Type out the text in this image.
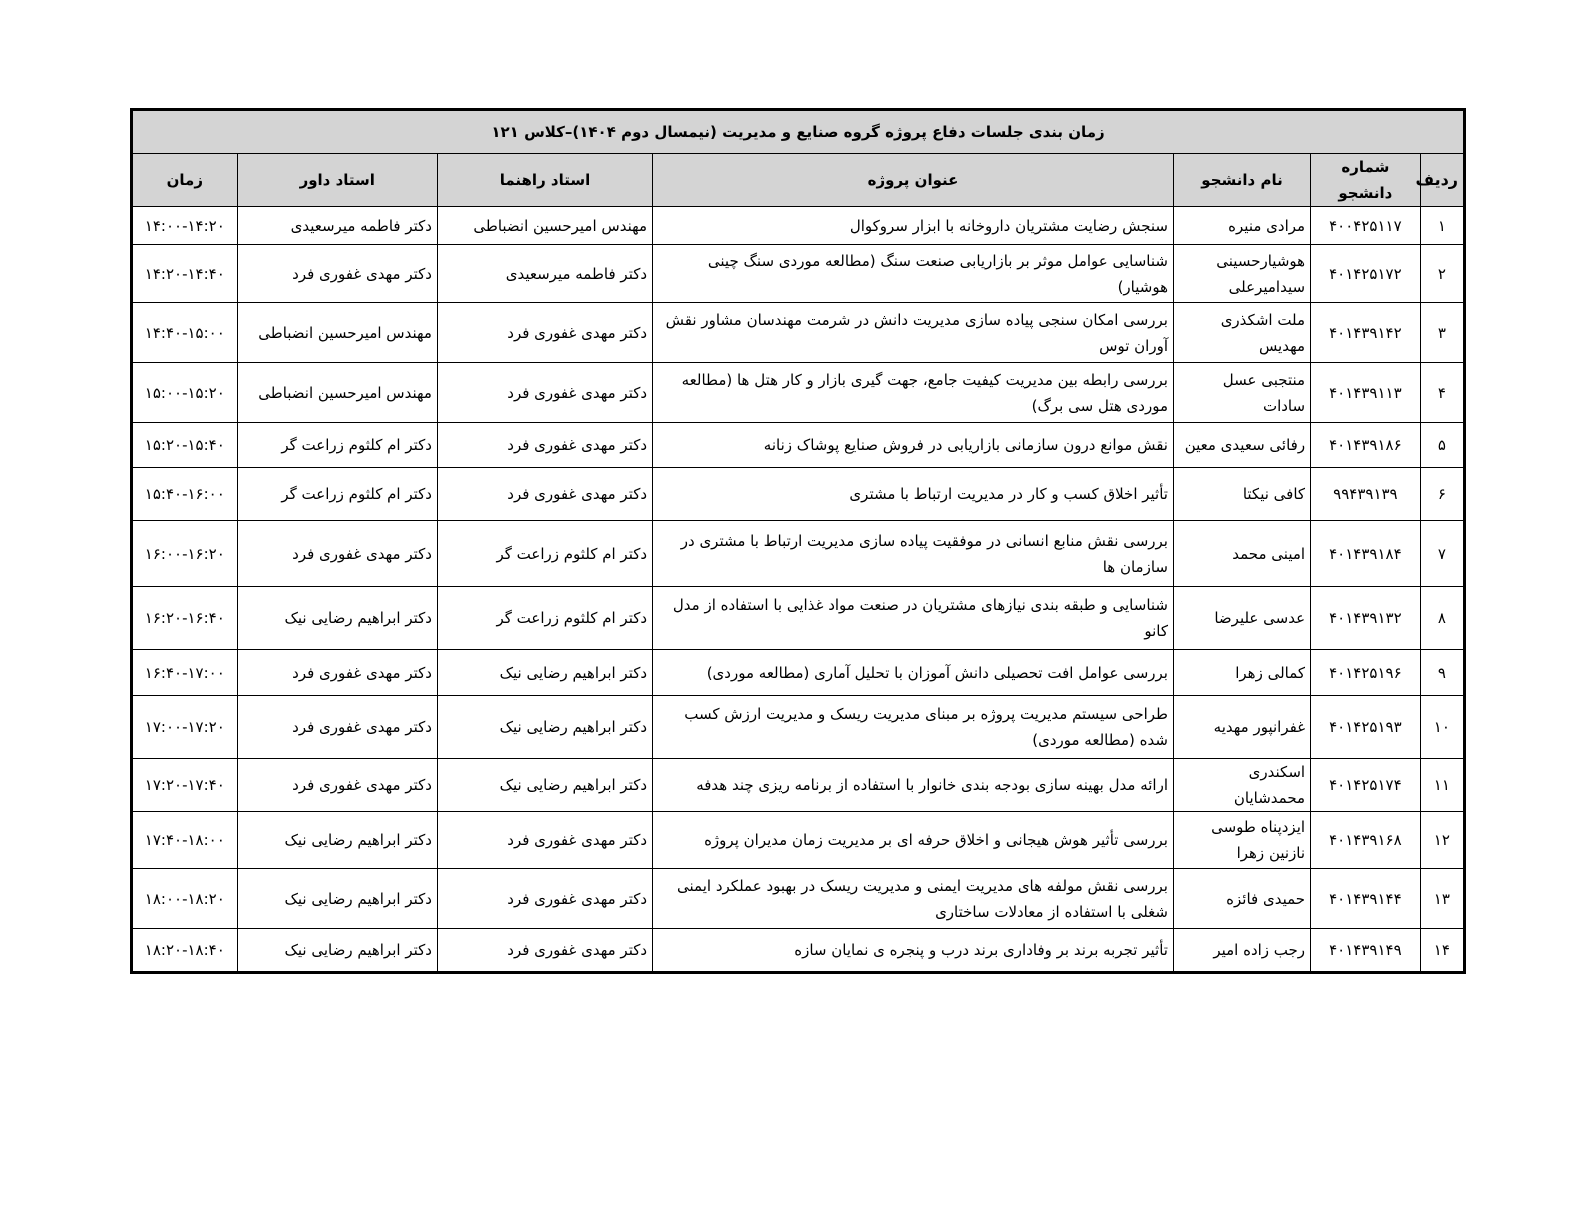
زمان بندی جلسات دفاع پروژه گروه صنایع و مدیریت (نیمسال دوم ۱۴۰۴)–کلاس ۱۲۱						
ردیف	شماره دانشجو	نام دانشجو	عنوان پروژه	استاد راهنما	استاد داور	زمان
۱	۴۰۰۴۲۵۱۱۷	مرادی منیره	سنجش رضایت مشتریان داروخانه با ابزار سروکوال	مهندس امیرحسین انضباطی	دکتر فاطمه میرسعیدی	۱۴:۰۰-۱۴:۲۰
۲	۴۰۱۴۲۵۱۷۲	هوشیارحسینی سیدامیرعلی	شناسایی عوامل موثر بر بازاریابی صنعت سنگ (مطالعه موردی سنگ چینی هوشیار)	دکتر فاطمه میرسعیدی	دکتر مهدی غفوری فرد	۱۴:۲۰-۱۴:۴۰
۳	۴۰۱۴۳۹۱۴۲	ملت اشکذری مهدیس	بررسی امکان سنجی پیاده سازی مدیریت دانش در شرمت مهندسان مشاور نقش آوران توس	دکتر مهدی غفوری فرد	مهندس امیرحسین انضباطی	۱۴:۴۰-۱۵:۰۰
۴	۴۰۱۴۳۹۱۱۳	منتجبی عسل سادات	بررسی رابطه بین مدیریت کیفیت جامع، جهت گیری بازار و کار هتل ها (مطالعه موردی هتل سی برگ)	دکتر مهدی غفوری فرد	مهندس امیرحسین انضباطی	۱۵:۰۰-۱۵:۲۰
۵	۴۰۱۴۳۹۱۸۶	رفائی سعیدی معین	نقش موانع درون سازمانی بازاریابی در فروش صنایع پوشاک زنانه	دکتر مهدی غفوری فرد	دکتر ام کلثوم زراعت گر	۱۵:۲۰-۱۵:۴۰
۶	۹۹۴۳۹۱۳۹	کافی نیکتا	تأثیر اخلاق کسب و کار در مدیریت ارتباط با مشتری	دکتر مهدی غفوری فرد	دکتر ام کلثوم زراعت گر	۱۵:۴۰-۱۶:۰۰
۷	۴۰۱۴۳۹۱۸۴	امینی محمد	بررسی نقش منابع انسانی در موفقیت پیاده سازی مدیریت ارتباط با مشتری در سازمان ها	دکتر ام کلثوم زراعت گر	دکتر مهدی غفوری فرد	۱۶:۰۰-۱۶:۲۰
۸	۴۰۱۴۳۹۱۳۲	عدسی علیرضا	شناسایی و طبقه بندی نیازهای مشتریان در صنعت مواد غذایی با استفاده از مدل کانو	دکتر ام کلثوم زراعت گر	دکتر ابراهیم رضایی نیک	۱۶:۲۰-۱۶:۴۰
۹	۴۰۱۴۲۵۱۹۶	کمالی زهرا	بررسی عوامل افت تحصیلی دانش آموزان با تحلیل آماری (مطالعه موردی)	دکتر ابراهیم رضایی نیک	دکتر مهدی غفوری فرد	۱۶:۴۰-۱۷:۰۰
۱۰	۴۰۱۴۲۵۱۹۳	غفرانپور مهدیه	طراحی سیستم مدیریت پروژه بر مبنای مدیریت ریسک و مدیریت ارزش کسب شده (مطالعه موردی)	دکتر ابراهیم رضایی نیک	دکتر مهدی غفوری فرد	۱۷:۰۰-۱۷:۲۰
۱۱	۴۰۱۴۲۵۱۷۴	اسکندری محمدشایان	ارائه مدل بهینه سازی بودجه بندی خانوار با استفاده از برنامه ریزی چند هدفه	دکتر ابراهیم رضایی نیک	دکتر مهدی غفوری فرد	۱۷:۲۰-۱۷:۴۰
۱۲	۴۰۱۴۳۹۱۶۸	ایزدپناه طوسی نازنین زهرا	بررسی تأثیر هوش هیجانی و اخلاق حرفه ای بر مدیریت زمان مدیران پروژه	دکتر مهدی غفوری فرد	دکتر ابراهیم رضایی نیک	۱۷:۴۰-۱۸:۰۰
۱۳	۴۰۱۴۳۹۱۴۴	حمیدی فائزه	بررسی نقش مولفه های مدیریت ایمنی و مدیریت ریسک در بهبود عملکرد ایمنی شغلی با استفاده از معادلات ساختاری	دکتر مهدی غفوری فرد	دکتر ابراهیم رضایی نیک	۱۸:۰۰-۱۸:۲۰
۱۴	۴۰۱۴۳۹۱۴۹	رجب زاده امیر	تأثیر تجربه برند بر وفاداری برند درب و پنجره ی نمایان سازه	دکتر مهدی غفوری فرد	دکتر ابراهیم رضایی نیک	۱۸:۲۰-۱۸:۴۰
